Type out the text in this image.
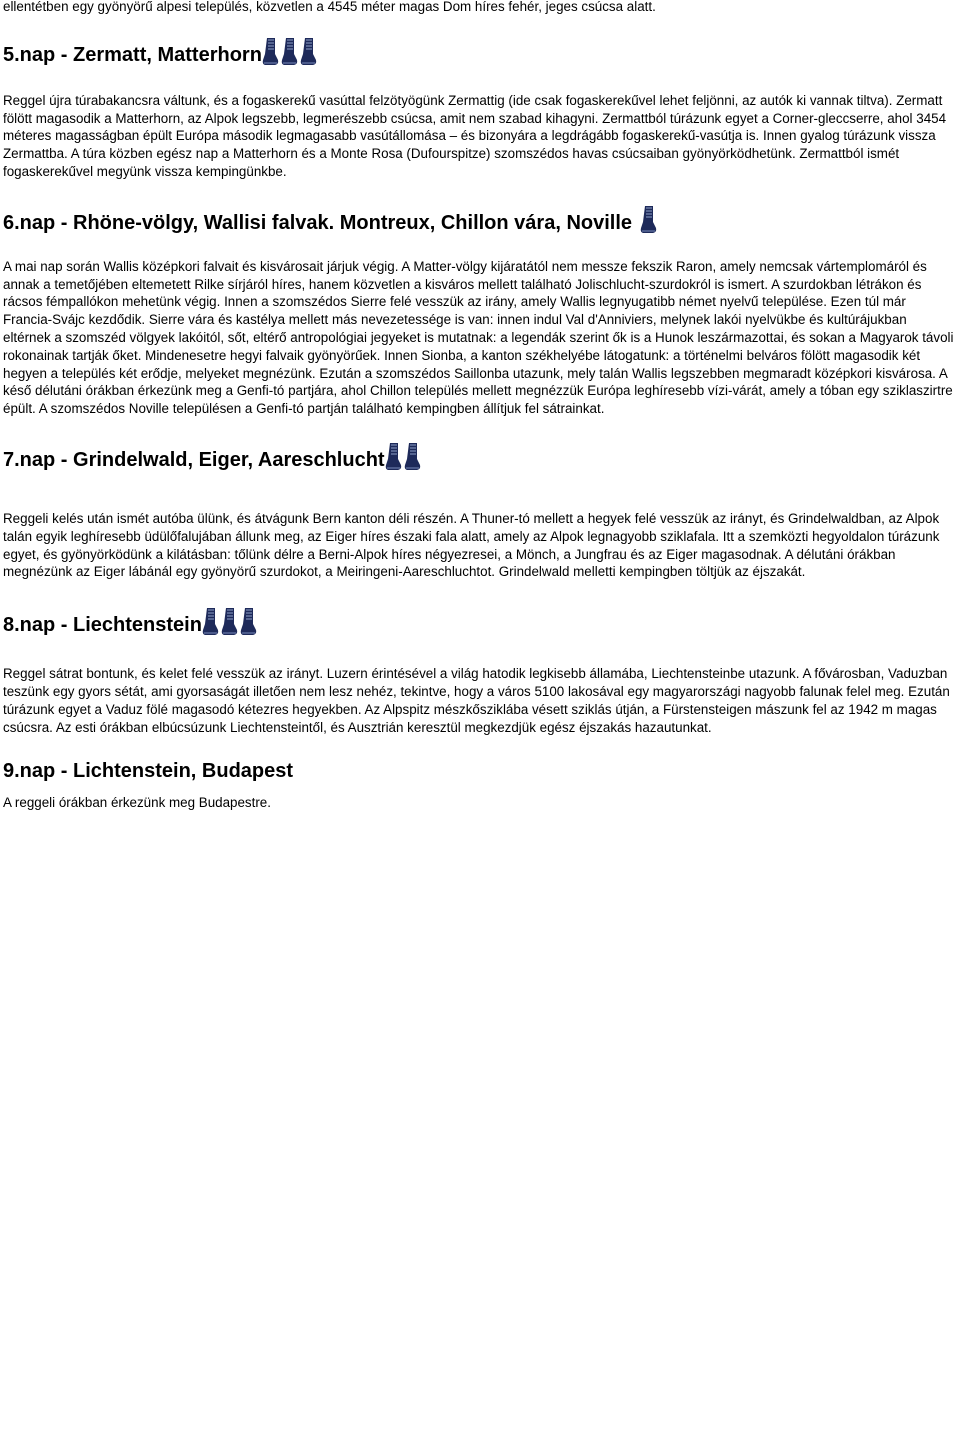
ellentétben egy gyönyörű alpesi település, közvetlen a 4545 méter magas Dom híres fehér, jeges csúcsa alatt.

5.nap - Zermatt, Matterhorn

Reggel újra túrabakancsra váltunk, és a fogaskerekű vasúttal felzötyögünk Zermattig (ide csak fogaskerekűvel lehet feljönni, az autók ki vannak tiltva). Zermatt fölött magasodik a Matterhorn, az Alpok legszebb, legmerészebb csúcsa, amit nem szabad kihagyni. Zermattból túrázunk egyet a Corner-gleccserre, ahol 3454 méteres magasságban épült Európa második legmagasabb vasútállomása – és bizonyára a legdrágább fogaskerekű-vasútja is. Innen gyalog túrázunk vissza Zermattba. A túra közben egész nap a Matterhorn és a Monte Rosa (Dufourspitze) szomszédos havas csúcsaiban gyönyörködhetünk. Zermattból ismét fogaskerekűvel megyünk vissza kempingünkbe.

6.nap - Rhöne-völgy, Wallisi falvak. Montreux, Chillon vára, Noville

A mai nap során Wallis középkori falvait és kisvárosait járjuk végig. A Matter-völgy kijáratától nem messze fekszik Raron, amely nemcsak vártemplomáról és annak a temetőjében eltemetett Rilke sírjáról híres, hanem közvetlen a kisváros mellett található Jolischlucht-szurdokról is ismert. A szurdokban létrákon és rácsos fémpallókon mehetünk végig. Innen a szomszédos Sierre felé vesszük az irány, amely Wallis legnyugatibb német nyelvű települése. Ezen túl már Francia-Svájc kezdődik. Sierre vára és kastélya mellett más nevezetessége is van: innen indul Val d'Anniviers, melynek lakói nyelvükbe és kultúrájukban eltérnek a szomszéd völgyek lakóitól, sőt, eltérő antropológiai jegyeket is mutatnak: a legendák szerint ők is a Hunok leszármazottai, és sokan a Magyarok távoli rokonainak tartják őket. Mindenesetre hegyi falvaik gyönyörűek. Innen Sionba, a kanton székhelyébe látogatunk: a történelmi belváros fölött magasodik két hegyen a település két erődje, melyeket megnézünk. Ezután a szomszédos Saillonba utazunk, mely talán Wallis legszebben megmaradt középkori kisvárosa. A késő délutáni órákban érkezünk meg a Genfi-tó partjára, ahol Chillon település mellett megnézzük Európa leghíresebb vízi-várát, amely a tóban egy sziklaszirtre épült. A szomszédos Noville településen a Genfi-tó partján található kempingben állítjuk fel sátrainkat.

7.nap - Grindelwald, Eiger, Aareschlucht

Reggeli kelés után ismét autóba ülünk, és átvágunk Bern kanton déli részén. A Thuner-tó mellett a hegyek felé vesszük az irányt, és Grindelwaldban, az Alpok talán egyik leghíresebb üdülőfalujában állunk meg, az Eiger híres északi fala alatt, amely az Alpok legnagyobb sziklafala. Itt a szemközti hegyoldalon túrázunk egyet, és gyönyörködünk a kilátásban: tőlünk délre a Berni-Alpok híres négyezresei, a Mönch, a Jungfrau és az Eiger magasodnak. A délutáni órákban megnézünk az Eiger lábánál egy gyönyörű szurdokot, a Meiringeni-Aareschluchtot. Grindelwald melletti kempingben töltjük az éjszakát.

8.nap - Liechtenstein

Reggel sátrat bontunk, és kelet felé vesszük az irányt. Luzern érintésével a világ hatodik legkisebb államába, Liechtensteinbe utazunk. A fővárosban, Vaduzban teszünk egy gyors sétát, ami gyorsaságát illetően nem lesz nehéz, tekintve, hogy a város 5100 lakosával egy magyarországi nagyobb falunak felel meg. Ezután túrázunk egyet a Vaduz fölé magasodó kétezres hegyekben. Az Alpspitz mészkősziklába vésett sziklás útján, a Fürstensteigen mászunk fel az 1942 m magas csúcsra. Az esti órákban elbúcsúzunk Liechtensteintől, és Ausztrián keresztül megkezdjük egész éjszakás hazautunkat.

9.nap - Lichtenstein, Budapest

A reggeli órákban érkezünk meg Budapestre.
